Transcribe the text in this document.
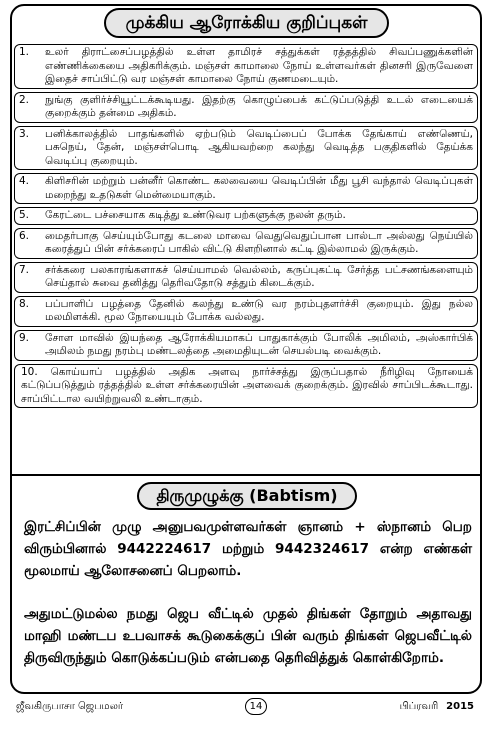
முக்கிய ஆரோக்கிய குறிப்புகள்
1. உலர் திராட்சைப்பழத்தில் உள்ள தாமிரச் சத்துக்கள் ரத்தத்தில் சிவப்பணுக்களின் எண்ணிக்கையை அதிகரிக்கும். மஞ்சள் காமாலை நோய் உள்ளவர்கள் தினசரி இருவேளை இதைச் சாப்பிட்டு வர மஞ்சள் காமாலை நோய் குணமடையும்.
2. நுங்கு குளிர்ச்சியூட்டக்கூடியது. இதற்கு கொழுப்பைக் கட்டுப்படுத்தி உடல் எடையைக் குறைக்கும் தன்மை அதிகம்.
3. பனிக்காலத்தில் பாதங்களில் ஏற்படும் வெடிப்பைப் போக்க தேங்காய் எண்ணெய், பசுநெய், தேன், மஞ்சள்பொடி ஆகியவற்றை கலந்து வெடித்த பகுதிகளில் தேய்க்க வெடிப்பு குறையும்.
4. கிளிசரின் மற்றும் பன்னீர் கொண்ட கலவையை வெடிப்பின் மீது பூசி வந்தால் வெடிப்புகள் மறைந்து உதடுகள் மென்மையாகும்.
5. கேரட்டை பச்சையாக கடித்து உண்டுவர பற்களுக்கு நலன் தரும்.
6. மைதர்பாகு செய்யும்போது கடலை மாவை வெதுவெதுப்பான பால்டா அல்லது நெய்யில் கரைத்துப் பின் சர்க்கரைப் பாகில் விட்டு கிளறினால் கட்டி இல்லாமல் இருக்கும்.
7. சர்க்கரை பலகாரங்களாகச் செய்யாமல் வெல்லம், கருப்புகட்டி சேர்த்த பட்சணங்களையும் செய்தால் சுவை தனித்து தெரிவதோடு சத்தும் கிடைக்கும்.
8. பப்பாளிப் பழத்தை தேனில் கலந்து உண்டு வர நரம்புதளர்ச்சி குறையும். இது நல்ல மலமிளக்கி. மூல நோயையும் போக்க வல்லது.
9. சோள மாவில் இயந்தை ஆரோக்கியமாகப் பாதுகாக்கும் போலிக் அமிலம், அஸ்கார்பிக் அமிலம் நமது நரம்பு மண்டலத்தை அமைதியுடன் செயல்படி வைக்கும்.
10. கொய்யாப் பழத்தில் அதிக அளவு நார்ச்சத்து இருப்பதால் நீரிழிவு நோயைக் கட்டுப்படுத்தும் ரத்தத்தில் உள்ள சர்க்கரையின் அளவைக் குறைக்கும். இரவில் சாப்பிடக்கூடாது. சாப்பிட்டால வயிற்றுவலி உண்டாகும்.
திருமுழுக்கு (Babtism)
இரட்சிப்பின் முழு அனுபவமுள்ளவர்கள் ஞானம் + ஸ்நானம் பெற விரும்பினால் 9442224617 மற்றும் 9442324617 என்ற எண்கள் மூலமாய் ஆலோசனைப் பெறலாம்.
அதுமட்டுமல்ல நமது ஜெப வீட்டில் முதல் திங்கள் தோறும் அதாவது மாஹி மண்டப உபவாசக் கூடுகைக்குப் பின் வரும் திங்கள் ஜெபவீட்டில் திருவிருந்தும் கொடுக்கப்படும் என்பதை தெரிவித்துக் கொள்கிறோம்.
ஜீவகிருபாசா ஜெபமலர்	14	பிப்ரவரி 2015
